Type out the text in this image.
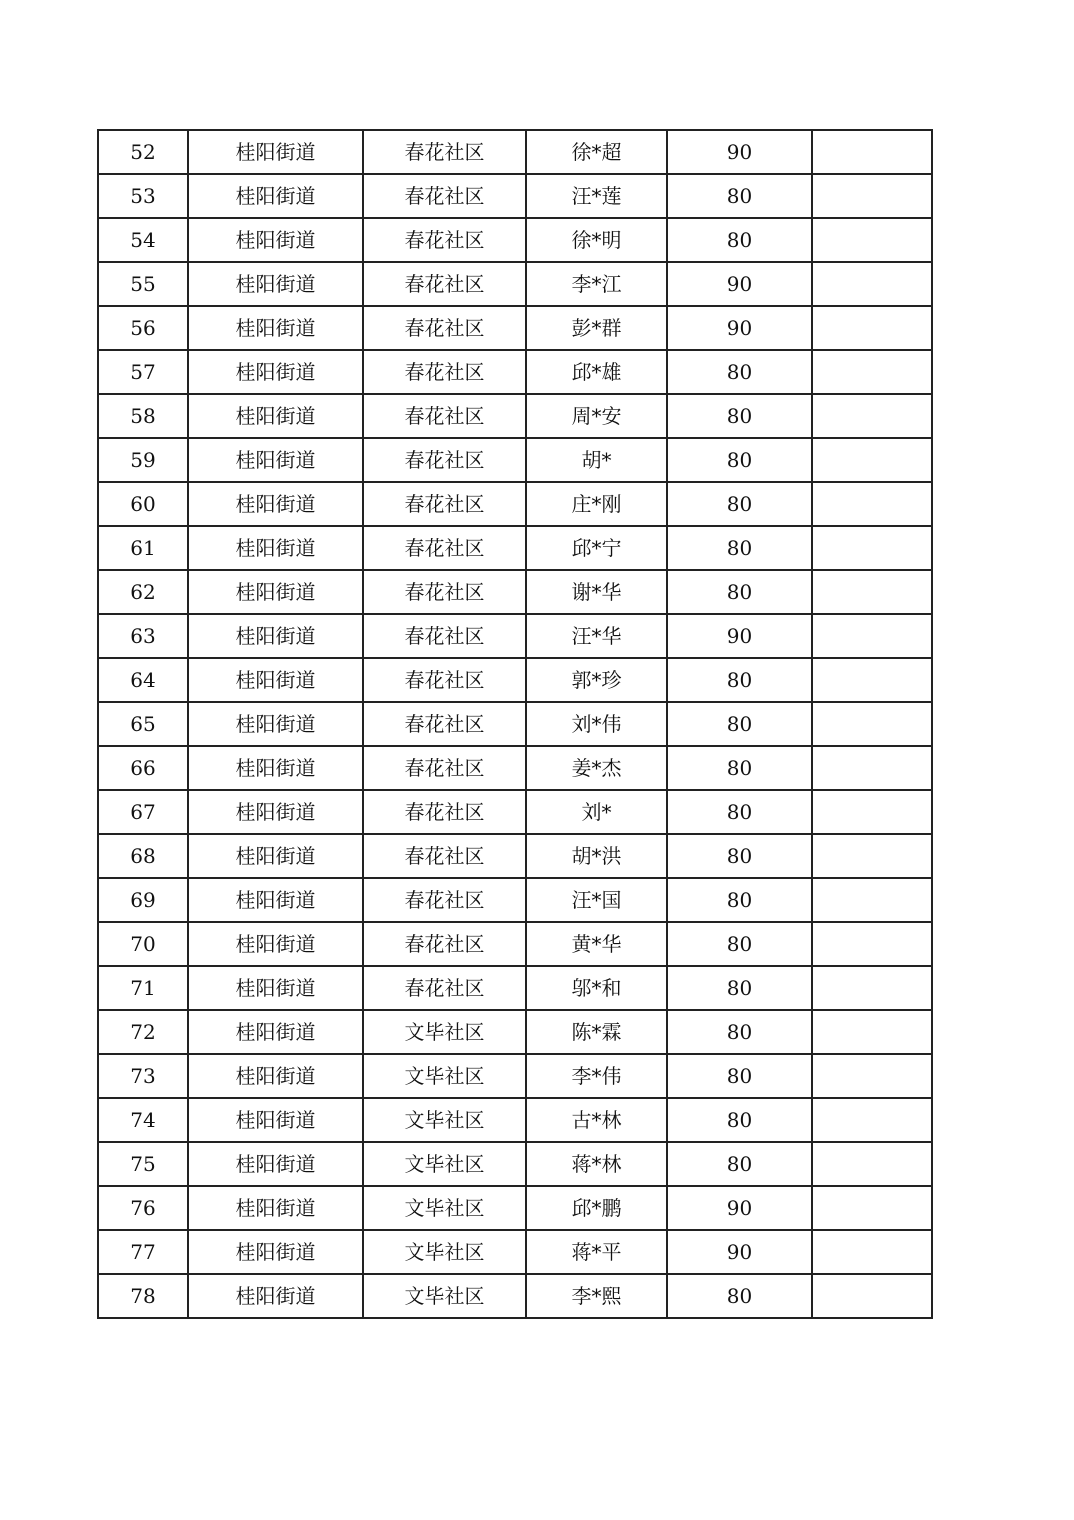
52	桂阳街道	春花社区	徐*超	90	
53	桂阳街道	春花社区	汪*莲	80	
54	桂阳街道	春花社区	徐*明	80	
55	桂阳街道	春花社区	李*江	90	
56	桂阳街道	春花社区	彭*群	90	
57	桂阳街道	春花社区	邱*雄	80	
58	桂阳街道	春花社区	周*安	80	
59	桂阳街道	春花社区	胡*	80	
60	桂阳街道	春花社区	庄*刚	80	
61	桂阳街道	春花社区	邱*宁	80	
62	桂阳街道	春花社区	谢*华	80	
63	桂阳街道	春花社区	汪*华	90	
64	桂阳街道	春花社区	郭*珍	80	
65	桂阳街道	春花社区	刘*伟	80	
66	桂阳街道	春花社区	姜*杰	80	
67	桂阳街道	春花社区	刘*	80	
68	桂阳街道	春花社区	胡*洪	80	
69	桂阳街道	春花社区	汪*国	80	
70	桂阳街道	春花社区	黄*华	80	
71	桂阳街道	春花社区	邬*和	80	
72	桂阳街道	文毕社区	陈*霖	80	
73	桂阳街道	文毕社区	李*伟	80	
74	桂阳街道	文毕社区	古*林	80	
75	桂阳街道	文毕社区	蒋*林	80	
76	桂阳街道	文毕社区	邱*鹏	90	
77	桂阳街道	文毕社区	蒋*平	90	
78	桂阳街道	文毕社区	李*熙	80	
